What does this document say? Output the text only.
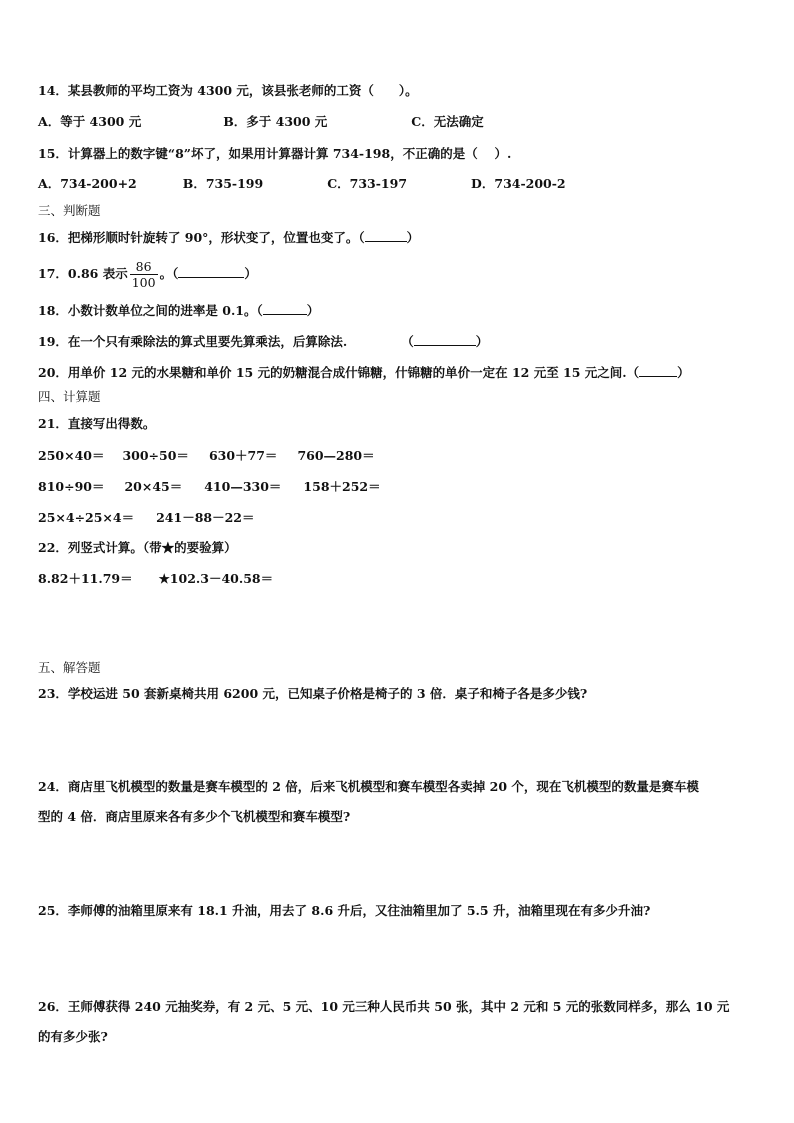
14．某县教师的平均工资为 4300 元，该县张老师的工资（　　）。
A．等于 4300 元	B．多于 4300 元	C．无法确定
15．计算器上的数字键“8”坏了，如果用计算器计算 734-198，不正确的是（　 ）.
A．734-200+2	B．735-199	C．733-197	D．734-200-2
三、判断题
16．把梯形顺时针旋转了 90°，形状变了，位置也变了。（	）
17．0.86 表示 $\frac{86}{100}$ 。（	）
18．小数计数单位之间的进率是 0.1。（	）
19．在一个只有乘除法的算式里要先算乘法，后算除法.	（	）
20．用单价 12 元的水果糖和单价 15 元的奶糖混合成什锦糖，什锦糖的单价一定在 12 元至 15 元之间.（	）
四、计算题
21．直接写出得数。
250×40＝ 300÷50＝ 630＋77＝ 760—280＝
810÷90＝ 20×45＝ 410—330＝ 158＋252＝
25×4÷25×4＝ 241－88－22＝
22．列竖式计算。（带★的要验算）
8.82＋11.79＝ ★102.3－40.58＝
五、解答题
23．学校运进 50 套新桌椅共用 6200 元，已知桌子价格是椅子的 3 倍．桌子和椅子各是多少钱?
24．商店里飞机模型的数量是赛车模型的 2 倍，后来飞机模型和赛车模型各卖掉 20 个，现在飞机模型的数量是赛车模
型的 4 倍．商店里原来各有多少个飞机模型和赛车模型?
25．李师傅的油箱里原来有 18.1 升油，用去了 8.6 升后，又往油箱里加了 5.5 升，油箱里现在有多少升油?
26．王师傅获得 240 元抽奖券，有 2 元、5 元、10 元三种人民币共 50 张，其中 2 元和 5 元的张数同样多，那么 10 元
的有多少张?
